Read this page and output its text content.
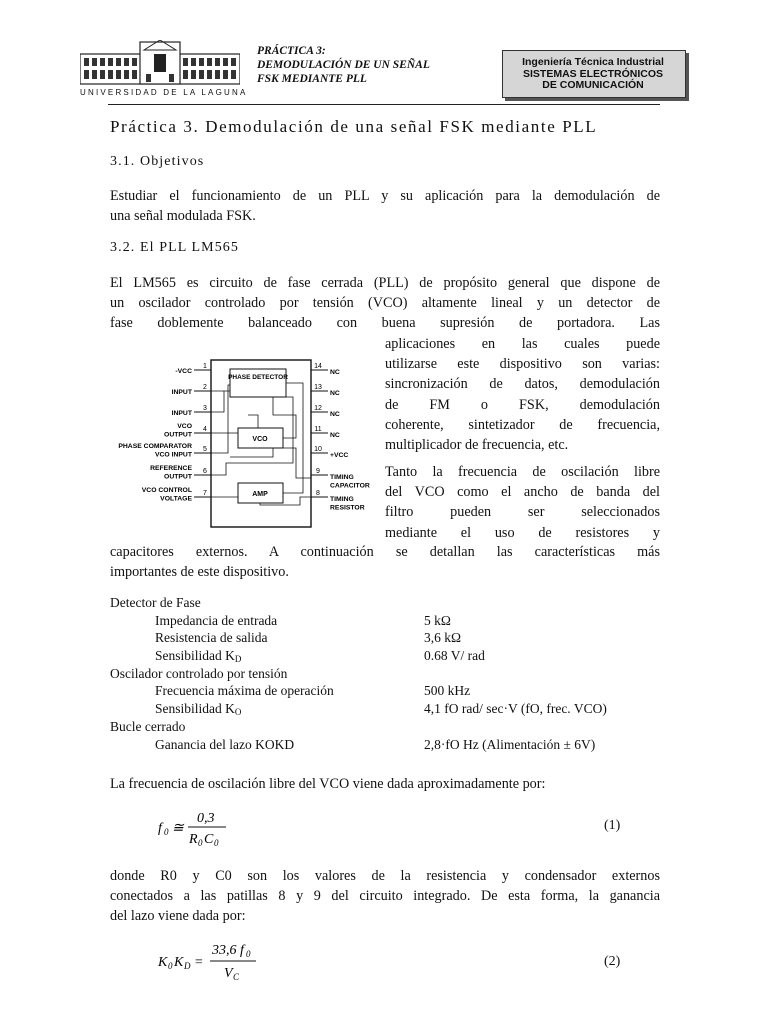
UNIVERSIDAD DE LA LAGUNA
PRÁCTICA 3:
DEMODULACIÓN DE UN SEÑAL
FSK MEDIANTE PLL
Ingeniería Técnica Industrial
SISTEMAS ELECTRÓNICOS
DE COMUNICACIÓN
Práctica 3. Demodulación de una señal FSK mediante PLL
3.1. Objetivos
Estudiar el funcionamiento de un PLL y su aplicación para la demodulación de
una señal modulada FSK.
3.2. El PLL LM565
El LM565 es circuito de fase cerrada (PLL) de propósito general que dispone de
un oscilador controlado por tensión (VCO) altamente lineal y un detector de
fase doblemente balanceado con buena supresión de portadora. Las
aplicaciones en las cuales puede
utilizarse este dispositivo son varias:
sincronización de datos, demodulación
de FM o FSK, demodulación
coherente, sintetizador de frecuencia,
multiplicador de frecuencia, etc.
Tanto la frecuencia de oscilación libre
del VCO como el ancho de banda del
filtro pueden ser seleccionados
mediante el uso de resistores y
capacitores externos. A continuación se detallan las características más
importantes de este dispositivo.
PHASE DETECTOR
VCO
AMP
1
-VCC
2
INPUT
3
INPUT
4
VCO
OUTPUT
5
PHASE COMPARATOR
VCO INPUT
6
REFERENCE
OUTPUT
7
VCO CONTROL
VOLTAGE
14
NC
13
NC
12
NC
11
NC
10
+VCC
9
TIMING
CAPACITOR
8
TIMING
RESISTOR
Detector de Fase
Impedancia de entrada	5 kΩ
Resistencia de salida	3,6 kΩ
Sensibilidad $K_D$	0.68 V/ rad
Oscilador controlado por tensión
Frecuencia máxima de operación	500 kHz
Sensibilidad $K_O$	4,1 fO rad/ sec·V (fO, frec. VCO)
Bucle cerrado
Ganancia del lazo KOKD	2,8·fO Hz (Alimentación ± 6V)
La frecuencia de oscilación libre del VCO viene dada aproximadamente por:
f 0 ≅
0,3
R 0 C 0
(1)
donde R0 y C0 son los valores de la resistencia y condensador externos
conectados a las patillas 8 y 9 del circuito integrado. De esta forma, la ganancia
del lazo viene dada por:
K 0 K D =
33,6 f 0
V C
(2)
